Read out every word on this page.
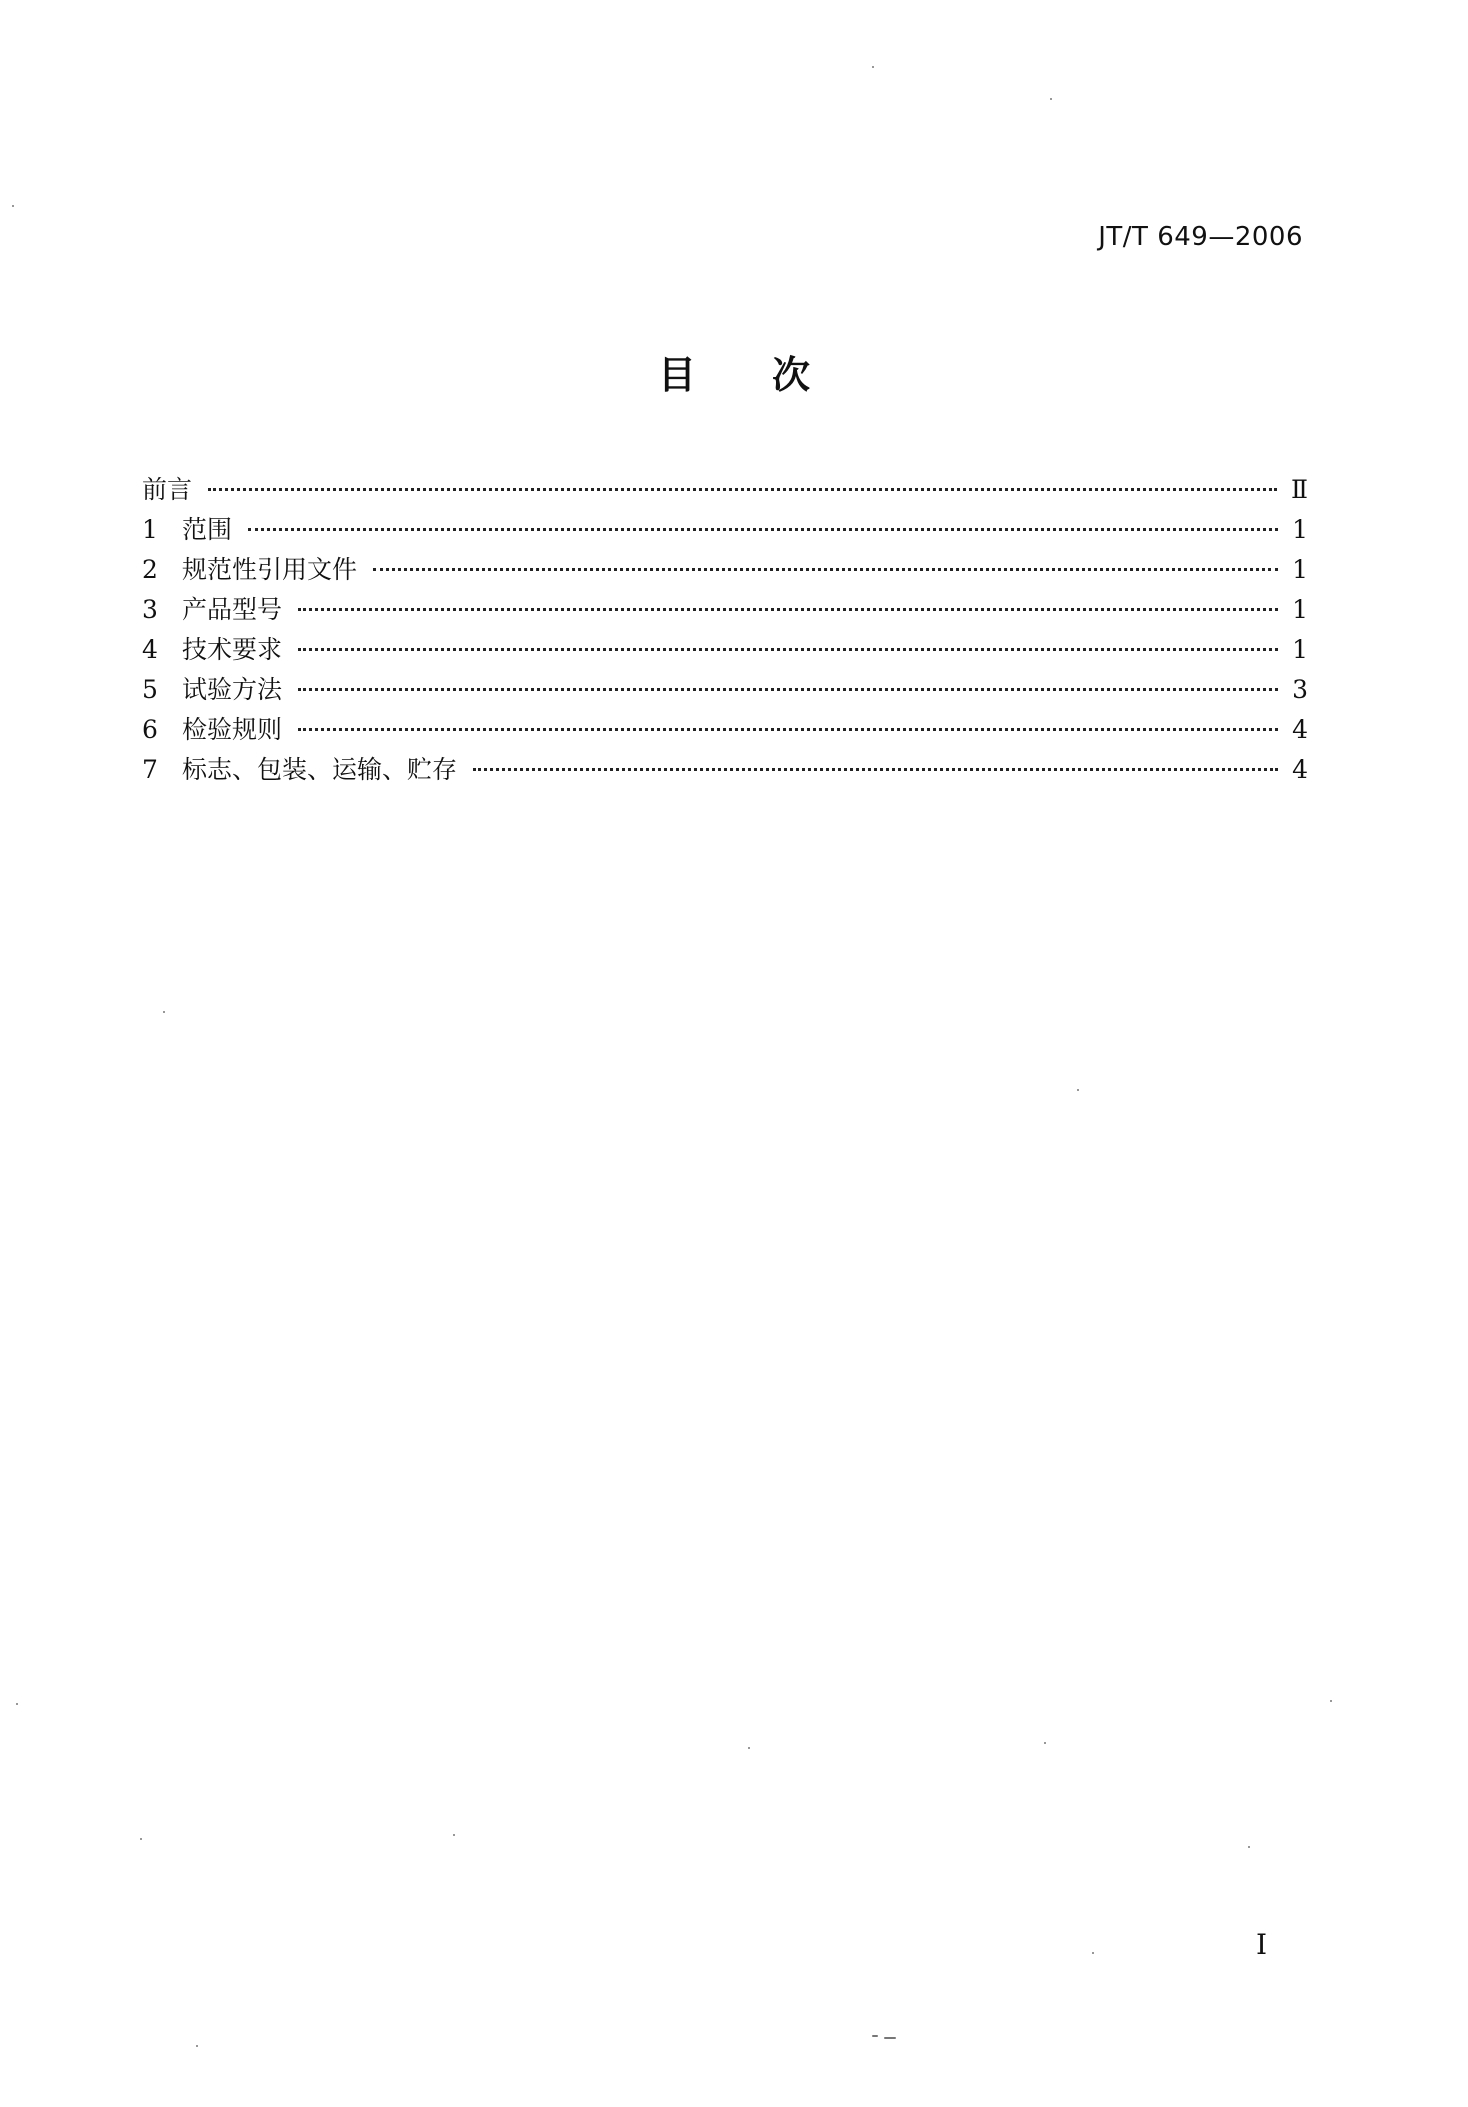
JT/T 649—2006
目 次
前言	Ⅱ
1 范围	1
2 规范性引用文件	1
3 产品型号	1
4 技术要求	1
5 试验方法	3
6 检验规则	4
7 标志、包装、运输、贮存	4
Ⅰ
